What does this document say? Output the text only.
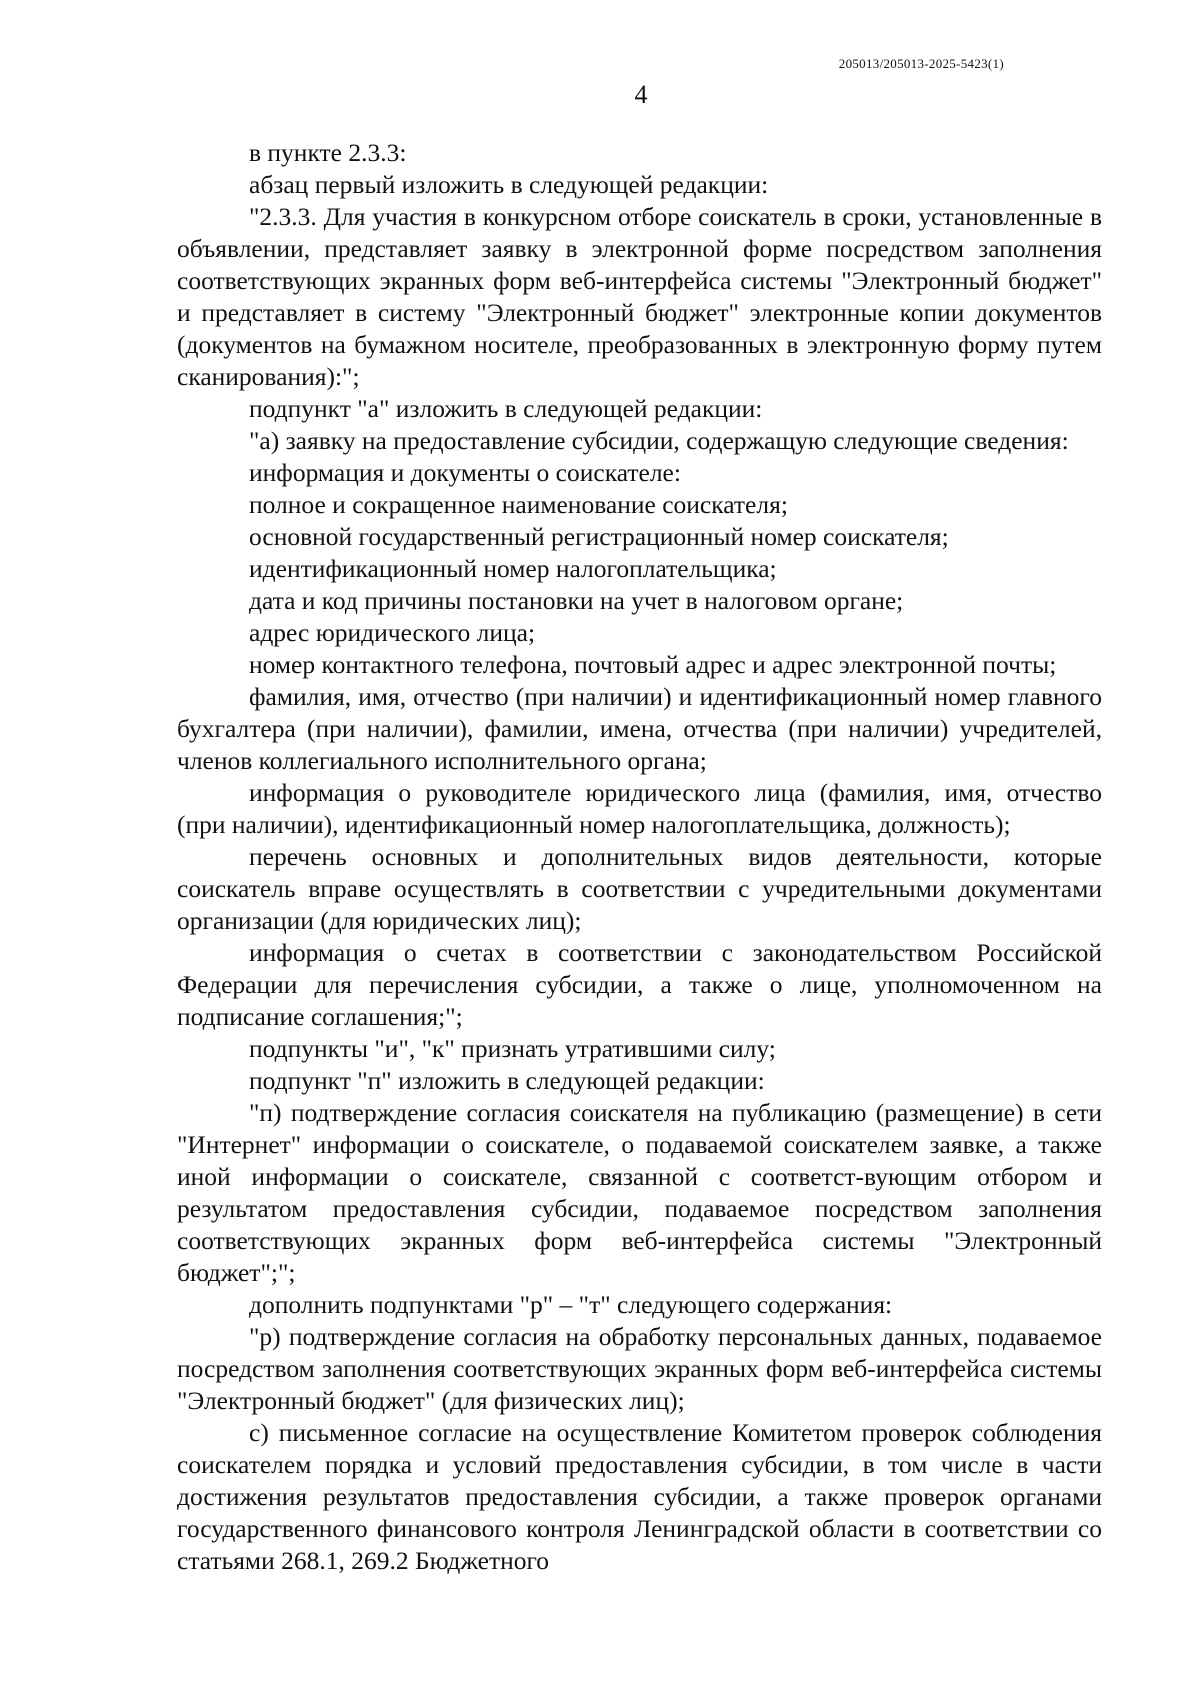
205013/205013-2025-5423(1)
4

в пункте 2.3.3:

абзац первый изложить в следующей редакции:

"2.3.3. Для участия в конкурсном отборе соискатель в сроки, установленные в объявлении, представляет заявку в электронной форме посредством заполнения соответствующих экранных форм веб-интерфейса системы "Электронный бюджет" и представляет в систему "Электронный бюджет" электронные копии документов (документов на бумажном носителе, преобразованных в электронную форму путем сканирования):";

подпункт "а" изложить в следующей редакции:

"а) заявку на предоставление субсидии, содержащую следующие сведения:

информация и документы о соискателе:

полное и сокращенное наименование соискателя;

основной государственный регистрационный номер соискателя;

идентификационный номер налогоплательщика;

дата и код причины постановки на учет в налоговом органе;

адрес юридического лица;

номер контактного телефона, почтовый адрес и адрес электронной почты;

фамилия, имя, отчество (при наличии) и идентификационный номер главного бухгалтера (при наличии), фамилии, имена, отчества (при наличии) учредителей, членов коллегиального исполнительного органа;

информация о руководителе юридического лица (фамилия, имя, отчество (при наличии), идентификационный номер налогоплательщика, должность);

перечень основных и дополнительных видов деятельности, которые соискатель вправе осуществлять в соответствии с учредительными документами организации (для юридических лиц);

информация о счетах в соответствии с законодательством Российской Федерации для перечисления субсидии, а также о лице, уполномоченном на подписание соглашения;";

подпункты "и", "к" признать утратившими силу;

подпункт "п" изложить в следующей редакции:

"п) подтверждение согласия соискателя на публикацию (размещение) в сети "Интернет" информации о соискателе, о подаваемой соискателем заявке, а также иной информации о соискателе, связанной с соответст-вующим отбором и результатом предоставления субсидии, подаваемое посредством заполнения соответствующих экранных форм веб-интерфейса системы "Электронный бюджет";";

дополнить подпунктами "р" – "т" следующего содержания:

"р) подтверждение согласия на обработку персональных данных, подаваемое посредством заполнения соответствующих экранных форм веб-интерфейса системы "Электронный бюджет" (для физических лиц);

с) письменное согласие на осуществление Комитетом проверок соблюдения соискателем порядка и условий предоставления субсидии, в том числе в части достижения результатов предоставления субсидии, а также проверок органами государственного финансового контроля Ленинградской области в соответствии со статьями 268.1, 269.2 Бюджетного
